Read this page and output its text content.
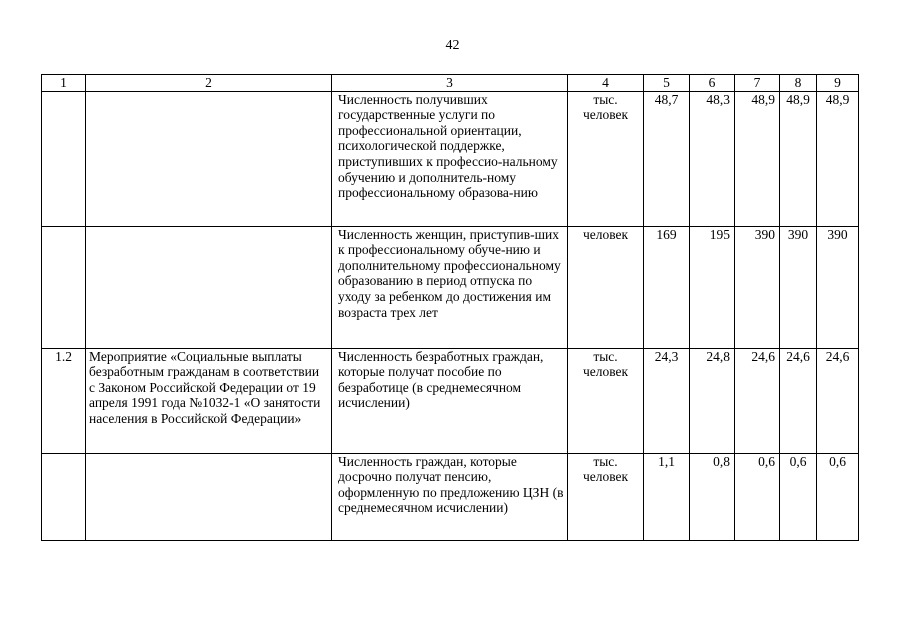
42
1	2	3	4	5	6	7	8	9
		Численность получивших государственные услуги по профессиональной ориентации, психологической поддержке, приступивших к профессио-нальному обучению и дополнитель-ному профессиональному образова-нию	тыс. человек	48,7	48,3	48,9	48,9	48,9
		Численность женщин, приступив-ших к профессиональному обуче-нию и дополнительному профессиональному образованию в период отпуска по уходу за ребенком до достижения им возраста трех лет	человек	169	195	390	390	390
1.2	Мероприятие «Социальные выплаты безработным гражданам в соответствии с Законом Российской Федерации от 19 апреля 1991 года №1032-1 «О занятости населения в Российской Федерации»	Численность безработных граждан, которые получат пособие по безработице (в среднемесячном исчислении)	тыс. человек	24,3	24,8	24,6	24,6	24,6
		Численность граждан, которые досрочно получат пенсию, оформленную по предложению ЦЗН (в среднемесячном исчислении)	тыс. человек	1,1	0,8	0,6	0,6	0,6
